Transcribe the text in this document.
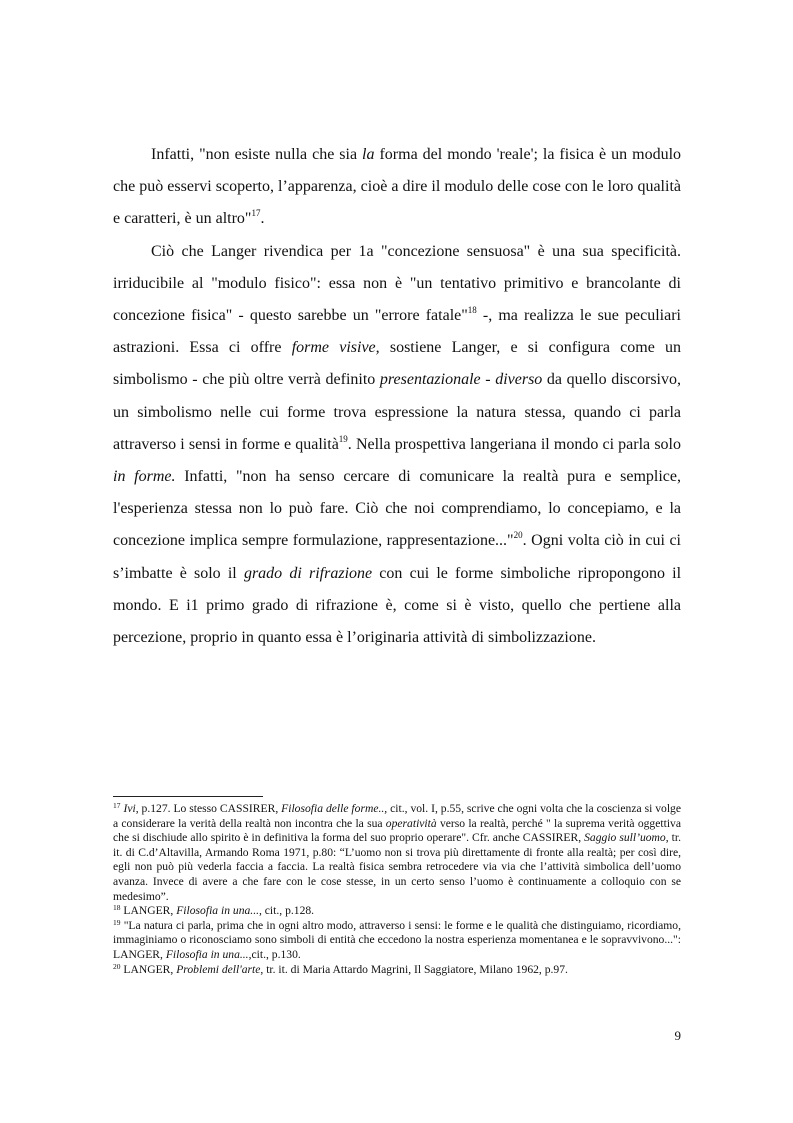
Infatti, "non esiste nulla che sia la forma del mondo 'reale'; la fisica è un modulo che può esservi scoperto, l’apparenza, cioè a dire il modulo delle cose con le loro qualità e caratteri, è un altro"$^{17}$.

Ciò che Langer rivendica per 1a "concezione sensuosa" è una sua specificità. irriducibile al "modulo fisico": essa non è "un tentativo primitivo e brancolante di concezione fisica" - questo sarebbe un "errore fatale"$^{18}$ -, ma realizza le sue peculiari astrazioni. Essa ci offre forme visive, sostiene Langer, e si configura come un simbolismo - che più oltre verrà definito presentazionale - diverso da quello discorsivo, un simbolismo nelle cui forme trova espressione la natura stessa, quando ci parla attraverso i sensi in forme e qualità$^{19}$. Nella prospettiva langeriana il mondo ci parla solo in forme. Infatti, "non ha senso cercare di comunicare la realtà pura e semplice, l'esperienza stessa non lo può fare. Ciò che noi comprendiamo, lo concepiamo, e la concezione implica sempre formulazione, rappresentazione..."$^{20}$. Ogni volta ciò in cui ci s’imbatte è solo il grado di rifrazione con cui le forme simboliche ripropongono il mondo. E i1 primo grado di rifrazione è, come si è visto, quello che pertiene alla percezione, proprio in quanto essa è l’originaria attività di simbolizzazione.

$^{17}$ Ivi, p.127. Lo stesso CASSIRER, Filosofia delle forme.., cit., vol. I, p.55, scrive che ogni volta che la coscienza si volge a considerare la verità della realtà non incontra che la sua operatività verso la realtà, perché " la suprema verità oggettiva che si dischiude allo spirito è in definitiva la forma del suo proprio operare". Cfr. anche CASSIRER, Saggio sull’uomo, tr. it. di C.d’Altavilla, Armando Roma 1971, p.80: “L’uomo non si trova più direttamente di fronte alla realtà; per così dire, egli non può più vederla faccia a faccia. La realtà fisica sembra retrocedere via via che l’attività simbolica dell’uomo avanza. Invece di avere a che fare con le cose stesse, in un certo senso l’uomo è continuamente a colloquio con se medesimo”.

$^{18}$ LANGER, Filosofia in una..., cit., p.128.

$^{19}$ "La natura ci parla, prima che in ogni altro modo, attraverso i sensi: le forme e le qualità che distinguiamo, ricordiamo, immaginiamo o riconosciamo sono simboli di entità che eccedono la nostra esperienza momentanea e le sopravvivono...": LANGER, Filosofia in una...,cit., p.130.

$^{20}$ LANGER, Problemi dell'arte, tr. it. di Maria Attardo Magrini, Il Saggiatore, Milano 1962, p.97.

9
